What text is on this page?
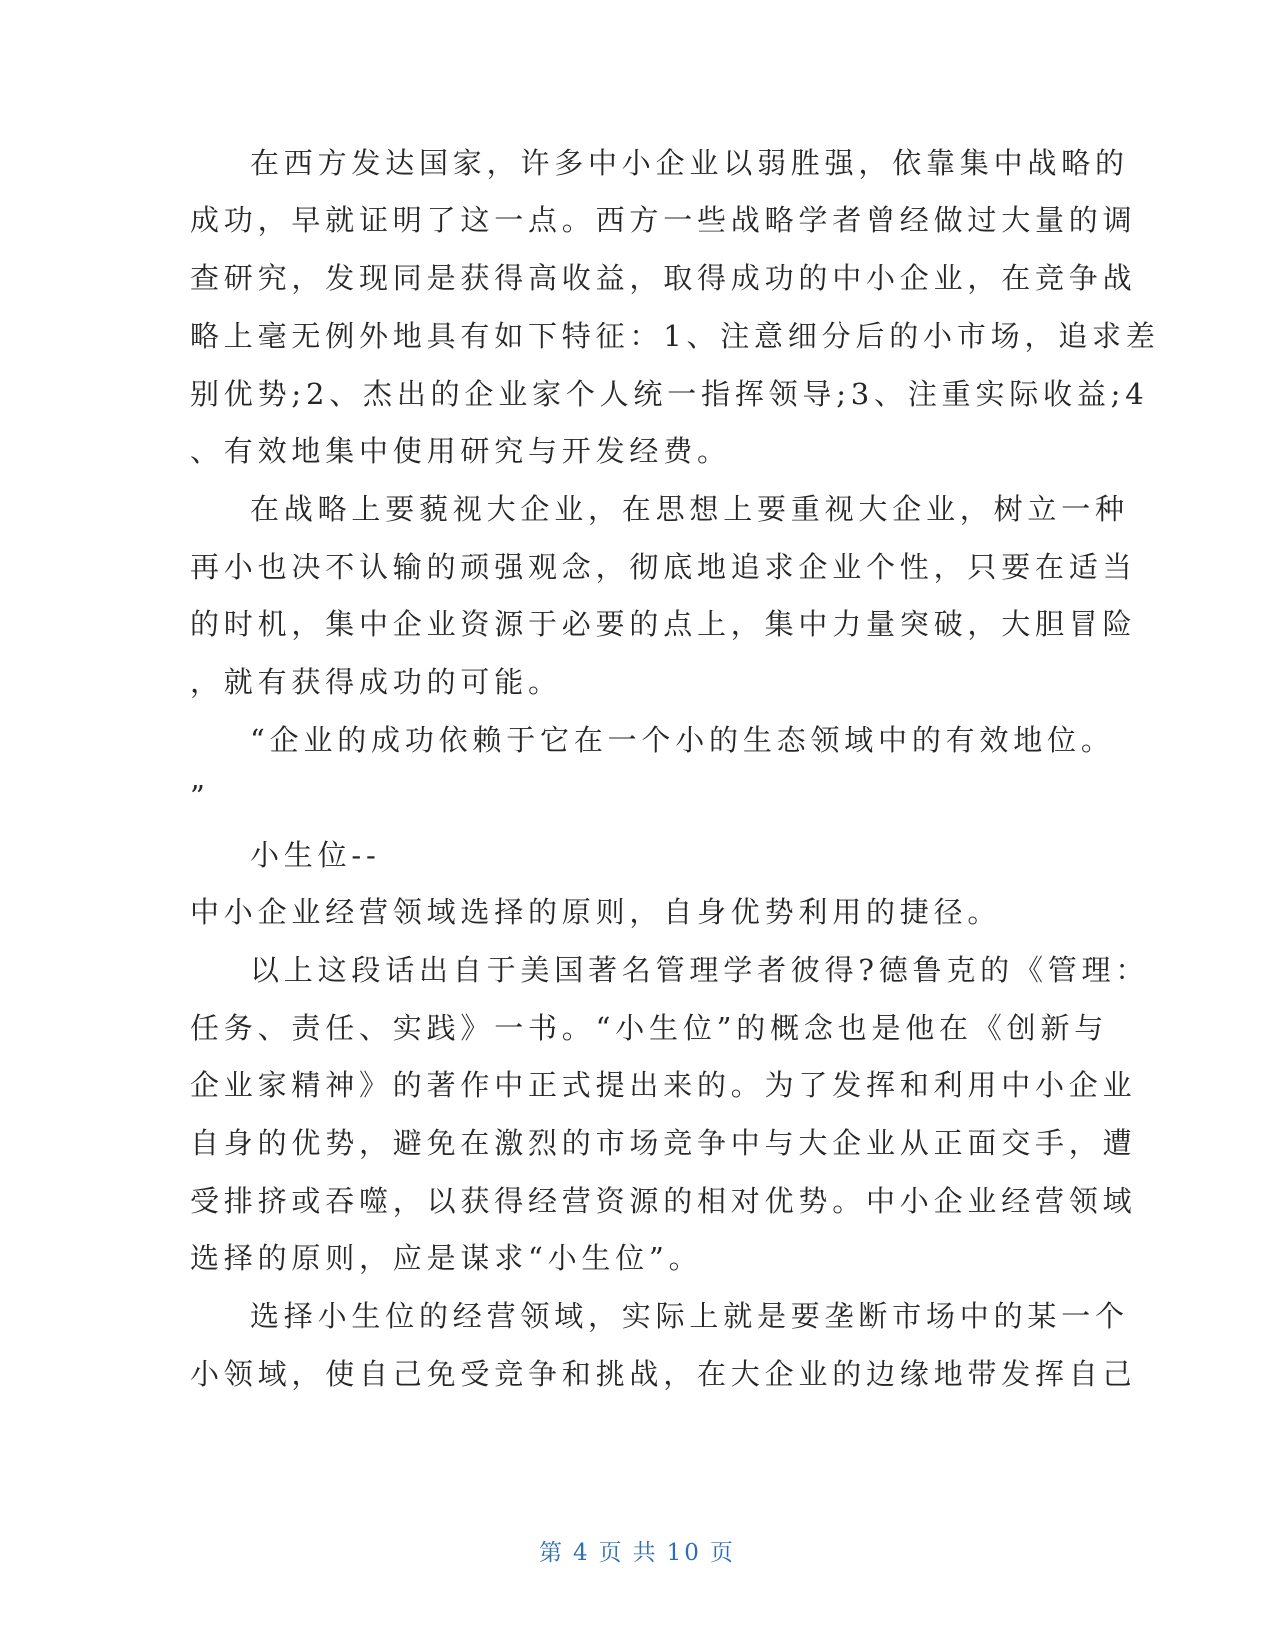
在西方发达国家，许多中小企业以弱胜强，依靠集中战略的
成功，早就证明了这一点。西方一些战略学者曾经做过大量的调
查研究，发现同是获得高收益，取得成功的中小企业，在竞争战
略上毫无例外地具有如下特征：1、注意细分后的小市场，追求差
别优势;2、杰出的企业家个人统一指挥领导;3、注重实际收益;4
、有效地集中使用研究与开发经费。
在战略上要藐视大企业，在思想上要重视大企业，树立一种
再小也决不认输的顽强观念，彻底地追求企业个性，只要在适当
的时机，集中企业资源于必要的点上，集中力量突破，大胆冒险
，就有获得成功的可能。
“企业的成功依赖于它在一个小的生态领域中的有效地位。
”
小生位--
中小企业经营领域选择的原则，自身优势利用的捷径。
以上这段话出自于美国著名管理学者彼得?德鲁克的《管理：
任务、责任、实践》一书。“小生位”的概念也是他在《创新与
企业家精神》的著作中正式提出来的。为了发挥和利用中小企业
自身的优势，避免在激烈的市场竞争中与大企业从正面交手，遭
受排挤或吞噬，以获得经营资源的相对优势。中小企业经营领域
选择的原则，应是谋求“小生位”。
选择小生位的经营领域，实际上就是要垄断市场中的某一个
小领域，使自己免受竞争和挑战，在大企业的边缘地带发挥自己
第 4 页 共 10 页
